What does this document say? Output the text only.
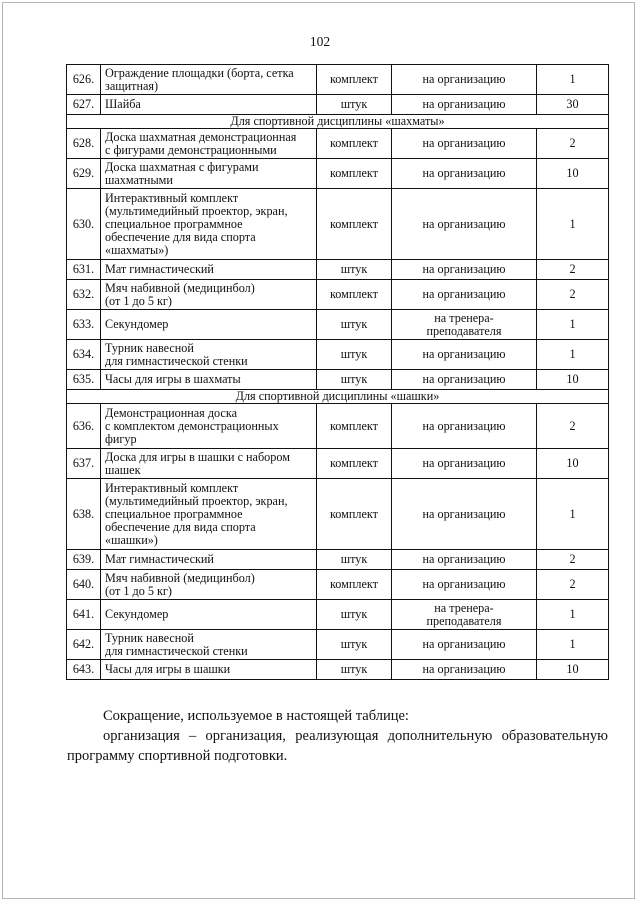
102
626.	Ограждение площадки (борта, сетка
защитная)	комплект	на организацию	1
627.	Шайба	штук	на организацию	30
Для спортивной дисциплины «шахматы»				
628.	Доска шахматная демонстрационная
с фигурами демонстрационными	комплект	на организацию	2
629.	Доска шахматная с фигурами
шахматными	комплект	на организацию	10
630.	Интерактивный комплект
(мультимедийный проектор, экран,
специальное программное
обеспечение для вида спорта
«шахматы»)	комплект	на организацию	1
631.	Мат гимнастический	штук	на организацию	2
632.	Мяч набивной (медицинбол)
(от 1 до 5 кг)	комплект	на организацию	2
633.	Секундомер	штук	на тренера-
преподавателя	1
634.	Турник навесной
для гимнастической стенки	штук	на организацию	1
635.	Часы для игры в шахматы	штук	на организацию	10
Для спортивной дисциплины «шашки»				
636.	Демонстрационная доска
с комплектом демонстрационных
фигур	комплект	на организацию	2
637.	Доска для игры в шашки с набором
шашек	комплект	на организацию	10
638.	Интерактивный комплект
(мультимедийный проектор, экран,
специальное программное
обеспечение для вида спорта
«шашки»)	комплект	на организацию	1
639.	Мат гимнастический	штук	на организацию	2
640.	Мяч набивной (медицинбол)
(от 1 до 5 кг)	комплект	на организацию	2
641.	Секундомер	штук	на тренера-
преподавателя	1
642.	Турник навесной
для гимнастической стенки	штук	на организацию	1
643.	Часы для игры в шашки	штук	на организацию	10

Сокращение, используемое в настоящей таблице:

организация – организация, реализующая дополнительную образовательную программу спортивной подготовки.
